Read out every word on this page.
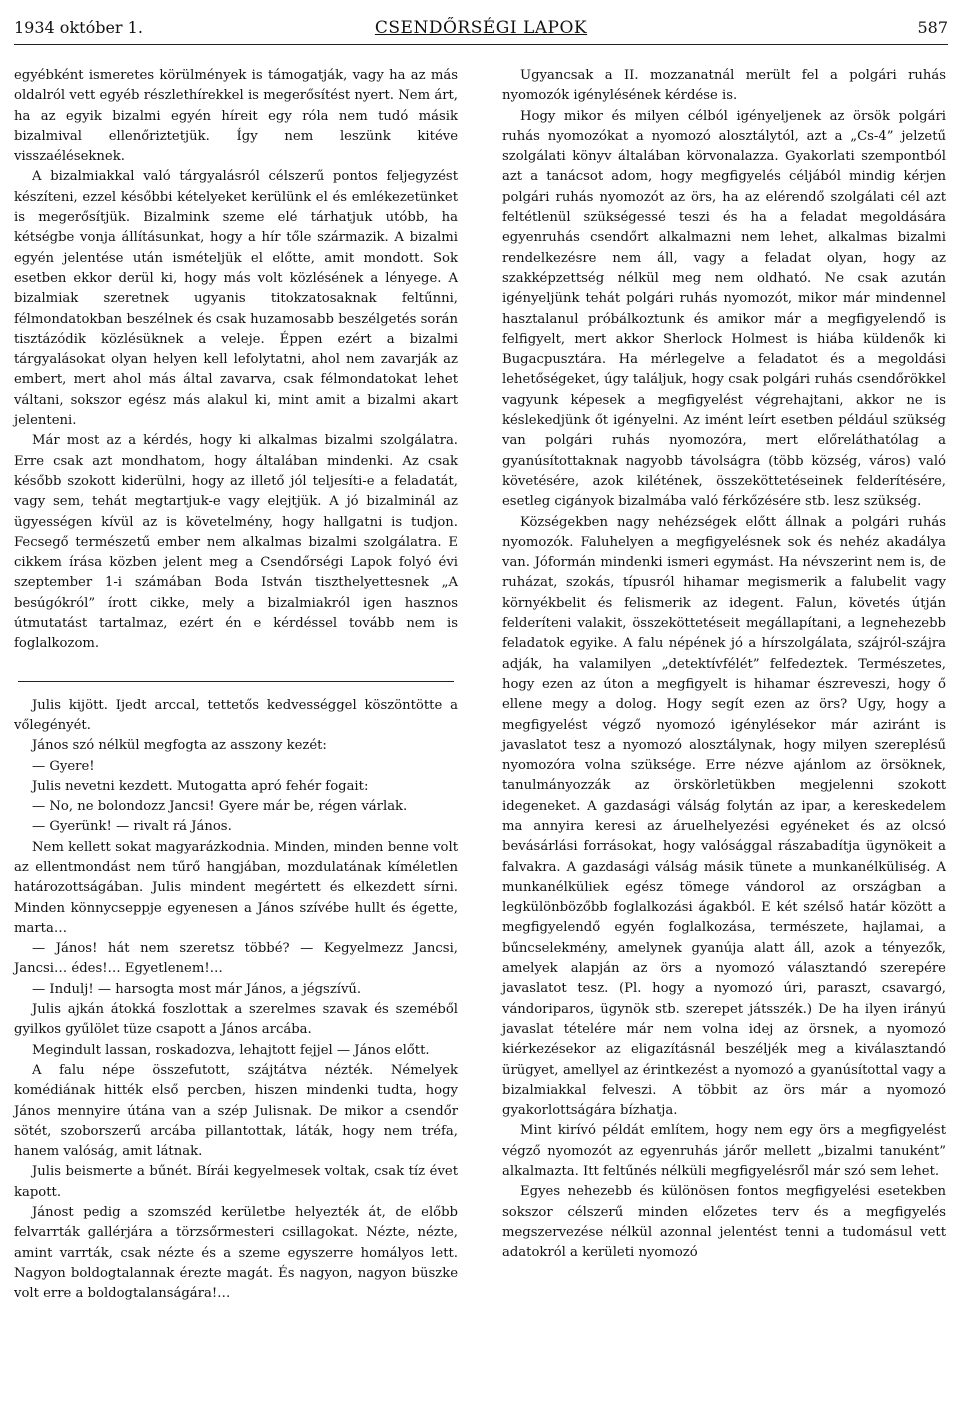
1934 október 1.	CSENDŐRSÉGI LAPOK	587

egyébként ismeretes körülmények is támogatják, vagy ha az más oldalról vett egyéb részlethírekkel is megerősítést nyert. Nem árt, ha az egyik bizalmi egyén híreit egy róla nem tudó másik bizalmival ellenőriztetjük. Így nem leszünk kitéve visszaéléseknek.

A bizalmiakkal való tárgyalásról célszerű pontos feljegyzést készíteni, ezzel későbbi kételyeket kerülünk el és emlékezetünket is megerősítjük. Bizalmink szeme elé tárhatjuk utóbb, ha kétségbe vonja állításunkat, hogy a hír tőle származik. A bizalmi egyén jelentése után ismételjük el előtte, amit mondott. Sok esetben ekkor derül ki, hogy más volt közlésének a lényege. A bizalmiak szeretnek ugyanis titokzatosaknak feltűnni, félmondatokban beszélnek és csak huzamosabb beszélgetés során tisztázódik közlésüknek a veleje. Éppen ezért a bizalmi tárgyalásokat olyan helyen kell lefolytatni, ahol nem zavarják az embert, mert ahol más által zavarva, csak félmondatokat lehet váltani, sokszor egész más alakul ki, mint amit a bizalmi akart jelenteni.

Már most az a kérdés, hogy ki alkalmas bizalmi szolgálatra. Erre csak azt mondhatom, hogy általában mindenki. Az csak később szokott kiderülni, hogy az illető jól teljesíti-e a feladatát, vagy sem, tehát megtartjuk-e vagy elejtjük. A jó bizalminál az ügyességen kívül az is követelmény, hogy hallgatni is tudjon. Fecsegő természetű ember nem alkalmas bizalmi szolgálatra. E cikkem írása közben jelent meg a Csendőrségi Lapok folyó évi szeptember 1-i számában Boda István tiszthelyettesnek „A besúgókról” írott cikke, mely a bizalmiakról igen hasznos útmutatást tartalmaz, ezért én e kérdéssel tovább nem is foglalkozom.

Julis kijött. Ijedt arccal, tettetős kedvességgel köszöntötte a vőlegényét.

János szó nélkül megfogta az asszony kezét:

— Gyere!

Julis nevetni kezdett. Mutogatta apró fehér fogait:

— No, ne bolondozz Jancsi! Gyere már be, régen várlak.

— Gyerünk! — rivalt rá János.

Nem kellett sokat magyarázkodnia. Minden, minden benne volt az ellentmondást nem tűrő hangjában, mozdulatának kíméletlen határozottságában. Julis mindent megértett és elkezdett sírni. Minden könnycseppje egyenesen a János szívébe hullt és égette, marta…

— János! hát nem szeretsz többé? — Kegyelmezz Jancsi, Jancsi… édes!… Egyetlenem!…

— Indulj! — harsogta most már János, a jégszívű.

Julis ajkán átokká foszlottak a szerelmes szavak és szeméből gyilkos gyűlölet tüze csapott a János arcába.

Megindult lassan, roskadozva, lehajtott fejjel — János előtt.

A falu népe összefutott, szájtátva nézték. Némelyek komédiának hitték első percben, hiszen mindenki tudta, hogy János mennyire útána van a szép Julisnak. De mikor a csendőr sötét, szoborszerű arcába pillantottak, láták, hogy nem tréfa, hanem valóság, amit látnak.

Julis beismerte a bűnét. Bírái kegyelmesek voltak, csak tíz évet kapott.

Jánost pedig a szomszéd kerületbe helyezték át, de előbb felvarrták gallérjára a törzsőrmesteri csillagokat. Nézte, nézte, amint varrták, csak nézte és a szeme egyszerre homályos lett. Nagyon boldogtalannak érezte magát. És nagyon, nagyon büszke volt erre a boldogtalanságára!…

Ugyancsak a II. mozzanatnál merült fel a polgári ruhás nyomozók igénylésének kérdése is.

Hogy mikor és milyen célból igényeljenek az örsök polgári ruhás nyomozókat a nyomozó alosztálytól, azt a „Cs-4” jelzetű szolgálati könyv általában körvonalazza. Gyakorlati szempontból azt a tanácsot adom, hogy megfigyelés céljából mindig kérjen polgári ruhás nyomozót az örs, ha az elérendő szolgálati cél azt feltétlenül szükségessé teszi és ha a feladat megoldására egyenruhás csendőrt alkalmazni nem lehet, alkalmas bizalmi rendelkezésre nem áll, vagy a feladat olyan, hogy az szakképzettség nélkül meg nem oldható. Ne csak azután igényeljünk tehát polgári ruhás nyomozót, mikor már mindennel hasztalanul próbálkoztunk és amikor már a megfigyelendő is felfigyelt, mert akkor Sherlock Holmest is hiába küldenők ki Bugacpusztára. Ha mérlegelve a feladatot és a megoldási lehetőségeket, úgy találjuk, hogy csak polgári ruhás csendőrökkel vagyunk képesek a megfigyelést végrehajtani, akkor ne is késlekedjünk őt igényelni. Az imént leírt esetben például szükség van polgári ruhás nyomozóra, mert előreláthatólag a gyanúsítottaknak nagyobb távolságra (több község, város) való követésére, azok kilétének, összeköttetéseinek felderítésére, esetleg cigányok bizalmába való férkőzésére stb. lesz szükség.

Községekben nagy nehézségek előtt állnak a polgári ruhás nyomozók. Faluhelyen a megfigyelésnek sok és nehéz akadálya van. Jóformán mindenki ismeri egymást. Ha névszerint nem is, de ruházat, szokás, típusról hihamar megismerik a falubelit vagy környékbelit és felismerik az idegent. Falun, követés útján felderíteni valakit, összeköttetéseit megállapítani, a legnehezebb feladatok egyike. A falu népének jó a hírszolgálata, szájról-szájra adják, ha valamilyen „detektívfélét” felfedeztek. Természetes, hogy ezen az úton a megfigyelt is hihamar észreveszi, hogy ő ellene megy a dolog. Hogy segít ezen az örs? Ugy, hogy a megfigyelést végző nyomozó igénylésekor már aziránt is javaslatot tesz a nyomozó alosztálynak, hogy milyen szereplésű nyomozóra volna szüksége. Erre nézve ajánlom az örsöknek, tanulmányozzák az örskörletükben megjelenni szokott idegeneket. A gazdasági válság folytán az ipar, a kereskedelem ma annyira keresi az áruelhelyezési egyéneket és az olcsó bevásárlási forrásokat, hogy valósággal rászabadítja ügynökeit a falvakra. A gazdasági válság másik tünete a munkanélküliség. A munkanélküliek egész tömege vándorol az országban a legkülönbözőbb foglalkozási ágakból. E két szélső határ között a megfigyelendő egyén foglalkozása, természete, hajlamai, a bűncselekmény, amelynek gyanúja alatt áll, azok a tényezők, amelyek alapján az örs a nyomozó választandó szerepére javaslatot tesz. (Pl. hogy a nyomozó úri, paraszt, csavargó, vándoriparos, ügynök stb. szerepet játsszék.) De ha ilyen irányú javaslat tételére már nem volna idej az örsnek, a nyomozó kiérkezésekor az eligazításnál beszéljék meg a kiválasztandó ürügyet, amellyel az érintkezést a nyomozó a gyanúsítottal vagy a bizalmiakkal felveszi. A többit az örs már a nyomozó gyakorlottságára bízhatja.

Mint kirívó példát említem, hogy nem egy örs a megfigyelést végző nyomozót az egyenruhás járőr mellett „bizalmi tanuként” alkalmazta. Itt feltűnés nélküli megfigyelésről már szó sem lehet.

Egyes nehezebb és különösen fontos megfigyelési esetekben sokszor célszerű minden előzetes terv és a megfigyelés megszervezése nélkül azonnal jelentést tenni a tudomásul vett adatokról a kerületi nyomozó
